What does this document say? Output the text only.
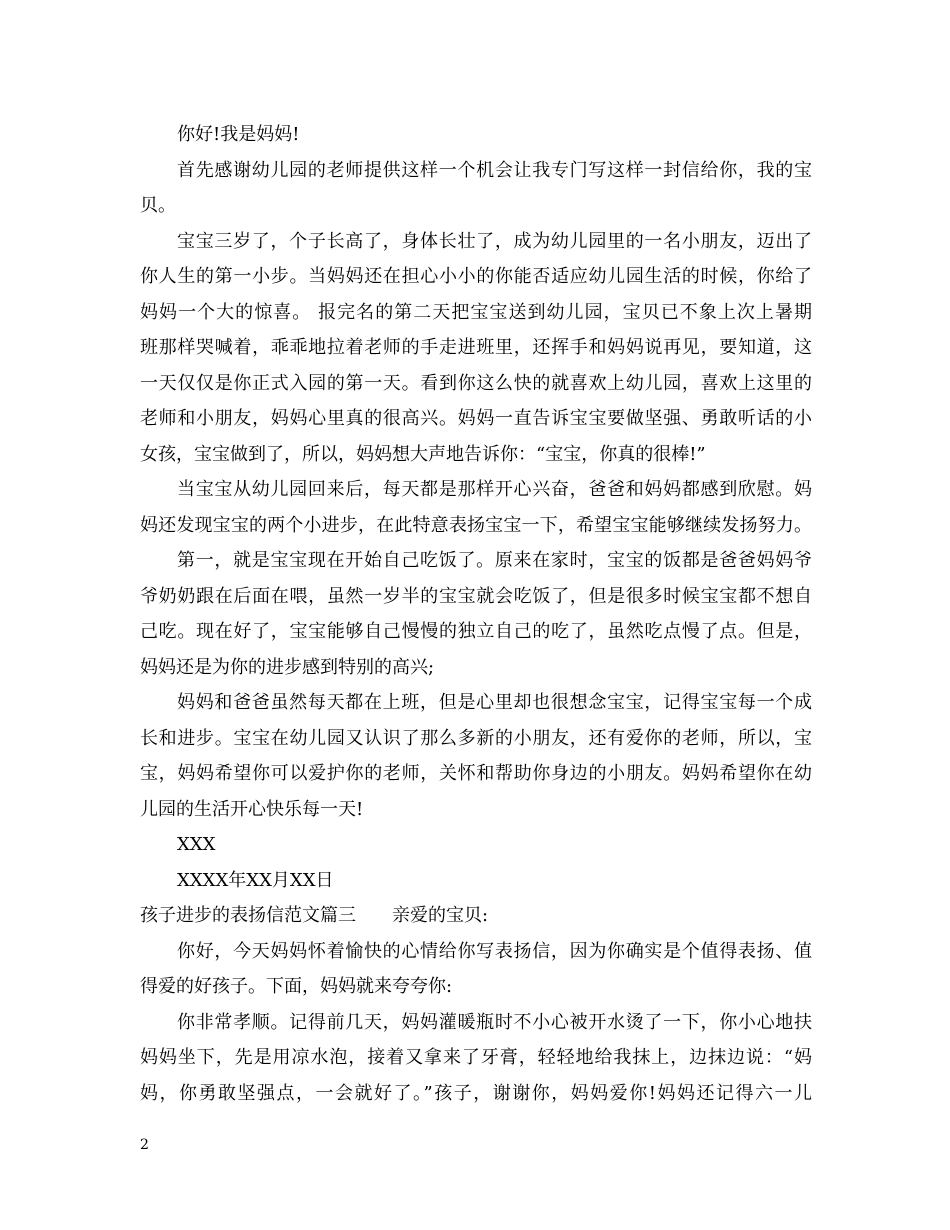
你好!我是妈妈!
首先感谢幼儿园的老师提供这样一个机会让我专门写这样一封信给你，我的宝
贝。
宝宝三岁了，个子长高了，身体长壮了，成为幼儿园里的一名小朋友，迈出了
你人生的第一小步。当妈妈还在担心小小的你能否适应幼儿园生活的时候，你给了
妈妈一个大的惊喜。 报完名的第二天把宝宝送到幼儿园，宝贝已不象上次上暑期
班那样哭喊着，乖乖地拉着老师的手走进班里，还挥手和妈妈说再见，要知道，这
一天仅仅是你正式入园的第一天。看到你这么快的就喜欢上幼儿园，喜欢上这里的
老师和小朋友，妈妈心里真的很高兴。妈妈一直告诉宝宝要做坚强、勇敢听话的小
女孩，宝宝做到了，所以，妈妈想大声地告诉你：“宝宝，你真的很棒!”
当宝宝从幼儿园回来后，每天都是那样开心兴奋，爸爸和妈妈都感到欣慰。妈
妈还发现宝宝的两个小进步，在此特意表扬宝宝一下，希望宝宝能够继续发扬努力。
第一，就是宝宝现在开始自己吃饭了。原来在家时，宝宝的饭都是爸爸妈妈爷
爷奶奶跟在后面在喂，虽然一岁半的宝宝就会吃饭了，但是很多时候宝宝都不想自
己吃。现在好了，宝宝能够自己慢慢的独立自己的吃了，虽然吃点慢了点。但是，
妈妈还是为你的进步感到特别的高兴;
妈妈和爸爸虽然每天都在上班，但是心里却也很想念宝宝，记得宝宝每一个成
长和进步。宝宝在幼儿园又认识了那么多新的小朋友，还有爱你的老师，所以，宝
宝，妈妈希望你可以爱护你的老师，关怀和帮助你身边的小朋友。妈妈希望你在幼
儿园的生活开心快乐每一天!
XXX
XXXX年XX月XX日
孩子进步的表扬信范文篇三　　亲爱的宝贝:
你好，今天妈妈怀着愉快的心情给你写表扬信，因为你确实是个值得表扬、值
得爱的好孩子。下面，妈妈就来夸夸你:
你非常孝顺。记得前几天，妈妈灌暖瓶时不小心被开水烫了一下，你小心地扶
妈妈坐下，先是用凉水泡，接着又拿来了牙膏，轻轻地给我抹上，边抹边说：“妈
妈，你勇敢坚强点，一会就好了。”孩子，谢谢你，妈妈爱你!妈妈还记得六一儿
2
